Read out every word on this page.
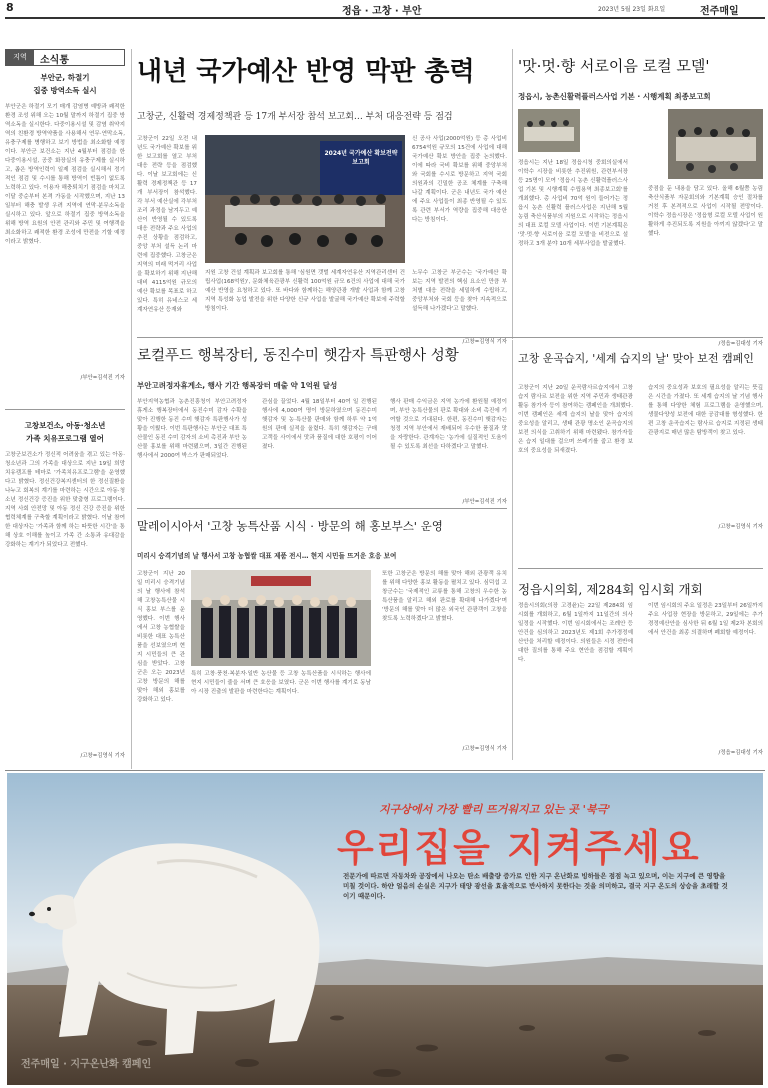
8	정읍 · 고창 · 부안	2023년 5월 23일 화요일	전주매일
지역	소식통
부안군, 하절기
집중 방역소독 실시
부안군은 하절기 모기 매개 감염병 예방과 쾌적한 환경 조성 위해 오는 10월 말까지 하절기 집중 방역소독을 실시한다. 다중이용시설 및 감염 취약지역의 친환경 방역약품을 사용해서 연무·연막소독, 유충구제를 병행하고 보기 방법을 최소화할 예정이다. 부안군 보건소는 지난 4월부터 점검을 한 다중이용시설, 공중 화장실의 유충구제를 실시하고, 좁은 방역인력이 일제 점검을 실시해서 정기적인 점검 및 수시를 통해 방역이 빈틈이 없도록 노력하고 있다. 이용자 해충퇴치기 점검을 마치고 이달 중순부터 본격 가동을 시작했으며, 지난 13일부터 해충 발생 우려 지역에 연막·분무소독을 실시하고 있다. 앞으로 하절기 집중 방역소독을 위해 방역 요원의 안전 관리와 주민 및 여행객을 최소화하고 쾌적한 환경 조성에 만전을 기할 예정이라고 밝혔다.
/부안=김석진 기자
고창보건소, 아동·청소년
가족 치유프로그램 열어
고창군보건소가 정신적 어려움을 겪고 있는 아동·청소년과 그의 가족을 대상으로 지난 19일 희망치유캠프를 테마로 '가족치유프로그램'을 운영했다고 밝혔다. 정신건강복지센터의 한 정신질환을 나누고 회복의 계기를 마련하는 시간으로 아동·청소년 정신건강 증진을 위한 맞춤형 프로그램이다. 지역 사회 안전망 및 아동 정신 건강 증진을 위한 협력체계를 구축할 계획이라고 밝혔다. 이날 참여한 대상자는 '가족과 함께 하는 따뜻한 시간'을 통해 상호 이해를 높이고 가족 간 소통과 유대감을 강화하는 계기가 되었다고 전했다.
/고창=김영식 기자
내년 국가예산 반영 막판 총력
고창군, 신활력 경제정책관 등 17개 부서장 참석 보고회… 부처 대응전략 등 점검
고창군이 22일 오전 내년도 국가예산 확보를 위한 보고회를 열고 부처 대응 전략 등을 점검했다. 이날 보고회에는 신활력 경제정책관 등 17개 부서장이 참석했다. 각 부서 예산실에 각부처 조리 과정을 남겨두고 예산이 반영될 수 있도록 대응 전략과 주요 사업의 추진 상황을 점검하고, 중앙 부처 설득 논리 마련에 집중했다. 고창군은 지역의 미래 먹거리 사업을 확보하기 위해 지난해 대비 4115억원 규모의 예산 확보를 목표로 하고 있다. 특히 유네스코 세계자연유산 등재와
2024년 국가예산 확보전략 보고회
지원 고창 건설 계획과 보고회를 통해 '심원면 갯벌 세계자연유산 지역관리센터 건립사업(168억원)', 문화체육관광부 신활력 100억원 규모 6건의 사업에 대해 국가예산 반영을 요청하고 있다. 또 바다와 함께하는 해양관광 개발 사업과 함께 고창 지역 특성화 농업 발전을 위한 다양한 신규 사업을 발굴해 국가예산 확보에 주력할 방침이다.
신 공사 사업(2000억원) 등 총 사업비 6754억원 규모의 15건에 사업에 대해 국가예산 확보 방안을 집중 논의했다. 이에 따라 국비 확보를 위해 중앙부처와 국회를 수시로 방문하고 지역 국회의원과의 긴밀한 공조 체계를 구축해 나갈 계획이다. 군은 내년도 국가 예산에 주요 사업들이 최종 반영될 수 있도록 관련 부서가 역량을 집중해 대응한다는 방침이다.
노무수 고창군 부군수는 '국가예산 확보는 지역 발전의 핵심 요소인 만큼 부처별 대응 전략을 세밀하게 수립하고, 중앙부처와 국회 등을 찾아 지속적으로 설득해 나가겠다'고 말했다.
/고창=김영식 기자
'맛·멋·향 서로이음 로컬 모델'
정읍시, 농촌신활력플러스사업 기본 · 시행계획 최종보고회
정읍시는 지난 18일 정읍시청 중회의실에서 이학수 시장을 비롯한 추진위원, 관련부서장 등 25명이 모여 '정읍시 농촌 신활력플러스사업 기본 및 시행계획 수립용역 최종보고회'를 개최했다. 총 사업비 70억 원이 들어가는 정읍시 농촌 신활력 플러스사업은 지난해 5월 농림 축산식품부의 지원으로 시작하는 정읍시의 대표 로컬 모델 사업이다. 이번 기본계획은 '맛·멋·향 서로이음 로컬 모델'을 비전으로 설정하고 3개 분야 10개 세부사업을 발굴했다.
중점을 둔 내용을 담고 있다. 올해 6월쯤 농림축산식품부 자문회의와 기본계획 승인 절차를 거친 후 본격적으로 사업이 시작될 전망이다. 이학수 정읍시장은 '정읍형 로컬 모델 사업이 원활하게 추진되도록 지원을 아끼지 않겠다'고 말했다.
/정읍=김대성 기자
로컬푸드 행복장터, 동진수미 햇감자 특판행사 성황
부안고려정자휴게소, 행사 기간 행복장터 매출 약 1억원 달성
부안지역농협과 농촌진흥청이 부안고려정자휴게소 행복장터에서 동진수미 감자 수확을 맞아 진행한 동진 수미 햇감자 특판행사가 성황을 이뤘다. 이번 특판행사는 부안군 대표 특산물인 동진 수미 감자의 소비 촉진과 부안 농산물 홍보를 위해 마련됐으며, 3일간 진행된 행사에서 2000여 박스가 판매되었다.
관심을 끌었다. 4월 18일부터 40여 일 진행된 행사에 4,000여 명이 방문하였으며 동진수미 햇감자 및 농·특산물 판매와 함께 하루 약 1억 원의 판매 실적을 올렸다. 특히 햇감자는 구매 고객들 사이에서 맛과 품질에 대한 호평이 이어졌다.
행사 판매 수익금은 지역 농가에 환원될 예정이며, 부안 농특산물의 판로 확대와 소비 촉진에 기여할 것으로 기대된다. 한편, 동진수미 햇감자는 청정 지역 부안에서 재배되어 우수한 품질과 맛을 자랑한다. 관계자는 '농가에 실질적인 도움이 될 수 있도록 최선을 다하겠다'고 말했다.
/부안=김석진 기자
고창 운곡습지, '세계 습지의 날' 맞아 보전 캠페인
고창군이 지난 20일 운곡람사르습지에서 고창습지 람사르 보전을 위한 지역 주민과 생태관광 활동 참가자 등이 참여하는 캠페인을 개최했다. 이번 캠페인은 세계 습지의 날을 맞아 습지의 중요성을 알리고, 생태 관광 명소인 운곡습지의 보전 의식을 고취하기 위해 마련됐다. 참가자들은 습지 일대를 걸으며 쓰레기를 줍고 환경 보호의 중요성을 되새겼다.
습지의 중요성과 보호의 필요성을 알리는 뜻깊은 시간을 가졌다. 또 세계 습지의 날 기념 행사를 통해 다양한 체험 프로그램을 운영했으며, 생물다양성 보전에 대한 공감대를 형성했다. 한편 고창 운곡습지는 람사르 습지로 지정된 생태관광지로 매년 많은 탐방객이 찾고 있다.
/고창=김영식 기자
말레이시아서 '고창 농특산품 시식 · 방문의 해 홍보부스' 운영
미리시 승격기념의 날 행사서 고창 농협쌀 대표 제품 전시… 현지 시민들 뜨거운 호응 보여
고창군이 지난 20일 미리시 승격기념의 날 행사에 참석해 고창농특산물 시식 홍보 부스를 운영했다. 이번 행사에서 고창 농협쌀을 비롯한 대표 농특산품을 선보였으며 현지 시민들의 큰 관심을 받았다. 고창군은 오는 2023년 고창 방문의 해를 맞아 해외 홍보를 강화하고 있다.
특히 고창·풍천·복분자·일반 농산물 등 고창 농특산품을 시식하는 행사에 현지 시민들이 줄을 서며 큰 호응을 보였다. 군은 이번 행사를 계기로 동남아 시장 진출의 발판을 마련한다는 계획이다.
또한 고창군은 방문의 해를 맞아 해외 관광객 유치를 위해 다양한 홍보 활동을 펼치고 있다. 심덕섭 고창군수는 '국제적인 교류를 통해 고창의 우수한 농특산품을 알리고 해외 판로를 확대해 나가겠다'며 '방문의 해를 맞아 더 많은 외국인 관광객이 고창을 찾도록 노력하겠다'고 밝혔다.
/고창=김영식 기자
정읍시의회, 제284회 임시회 개회
정읍시의회(의장 고경윤)는 22일 제284회 임시회를 개회하고, 6월 1일까지 11일간의 의사일정을 시작했다. 이번 임시회에서는 조례안 등 안건을 심의하고 2023년도 제1회 추가경정예산안을 처리할 예정이다. 의원들은 시정 전반에 대한 질의를 통해 주요 현안을 점검할 계획이다.
이번 임시회의 주요 일정은 23일부터 26일까지 주요 사업장 현장을 방문하고, 29일에는 추가경정예산안을 심사한 뒤 6월 1일 제2차 본회의에서 안건을 최종 의결하며 폐회할 예정이다.
/정읍=김대성 기자
지구상에서 가장 빨리 뜨거워지고 있는 곳 '북극'
우리집을 지켜주세요
전문가에 따르면 자동차와 공장에서 나오는 탄소 배출량 증가로 인한 지구 온난화로 빙하들은 점점 녹고 있으며, 이는 지구에 큰 영향을 미칠 것이다. 하얀 얼음의 손실은 지구가 태양 광선을 효율적으로 반사하지 못한다는 것을 의미하고, 결국 지구 온도의 상승을 초래할 것이기 때문이다.
전주매일 · 지구온난화 캠페인
